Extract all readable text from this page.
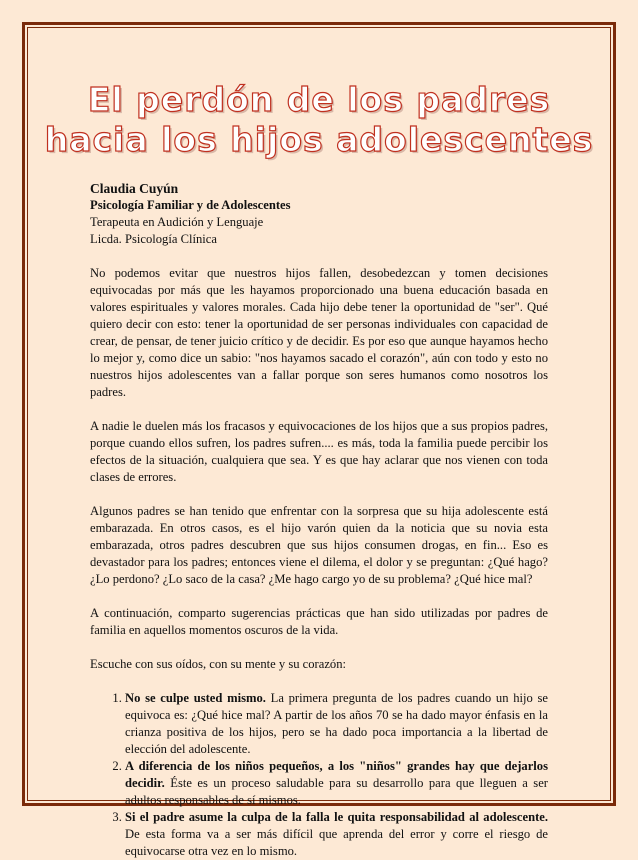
El perdón de los padres hacia los hijos adolescentes
Claudia Cuyún
Psicología Familiar y de Adolescentes
Terapeuta en Audición y Lenguaje
Licda. Psicología Clínica

No podemos evitar que nuestros hijos fallen, desobedezcan y tomen decisiones equivocadas por más que les hayamos proporcionado una buena educación basada en valores espirituales y valores morales. Cada hijo debe tener la oportunidad de "ser". Qué quiero decir con esto: tener la oportunidad de ser personas individuales con capacidad de crear, de pensar, de tener juicio crítico y de decidir. Es por eso que aunque hayamos hecho lo mejor y, como dice un sabio: "nos hayamos sacado el corazón", aún con todo y esto no nuestros hijos adolescentes van a fallar porque son seres humanos como nosotros los padres.

A nadie le duelen más los fracasos y equivocaciones de los hijos que a sus propios padres, porque cuando ellos sufren, los padres sufren.... es más, toda la familia puede percibir los efectos de la situación, cualquiera que sea. Y es que hay aclarar que nos vienen con toda clases de errores.

Algunos padres se han tenido que enfrentar con la sorpresa que su hija adolescente está embarazada. En otros casos, es el hijo varón quien da la noticia que su novia esta embarazada, otros padres descubren que sus hijos consumen drogas, en fin... Eso es devastador para los padres; entonces viene el dilema, el dolor y se preguntan: ¿Qué hago? ¿Lo perdono? ¿Lo saco de la casa? ¿Me hago cargo yo de su problema? ¿Qué hice mal?

A continuación, comparto sugerencias prácticas que han sido utilizadas por padres de familia en aquellos momentos oscuros de la vida.

Escuche con sus oídos, con su mente y su corazón:

1. No se culpe usted mismo. La primera pregunta de los padres cuando un hijo se equivoca es: ¿Qué hice mal? A partir de los años 70 se ha dado mayor énfasis en la crianza positiva de los hijos, pero se ha dado poca importancia a la libertad de elección del adolescente.
2. A diferencia de los niños pequeños, a los "niños" grandes hay que dejarlos decidir. Éste es un proceso saludable para su desarrollo para que lleguen a ser adultos responsables de sí mismos.
3. Si el padre asume la culpa de la falla le quita responsabilidad al adolescente. De esta forma va a ser más difícil que aprenda del error y corre el riesgo de equivocarse otra vez en lo mismo.
